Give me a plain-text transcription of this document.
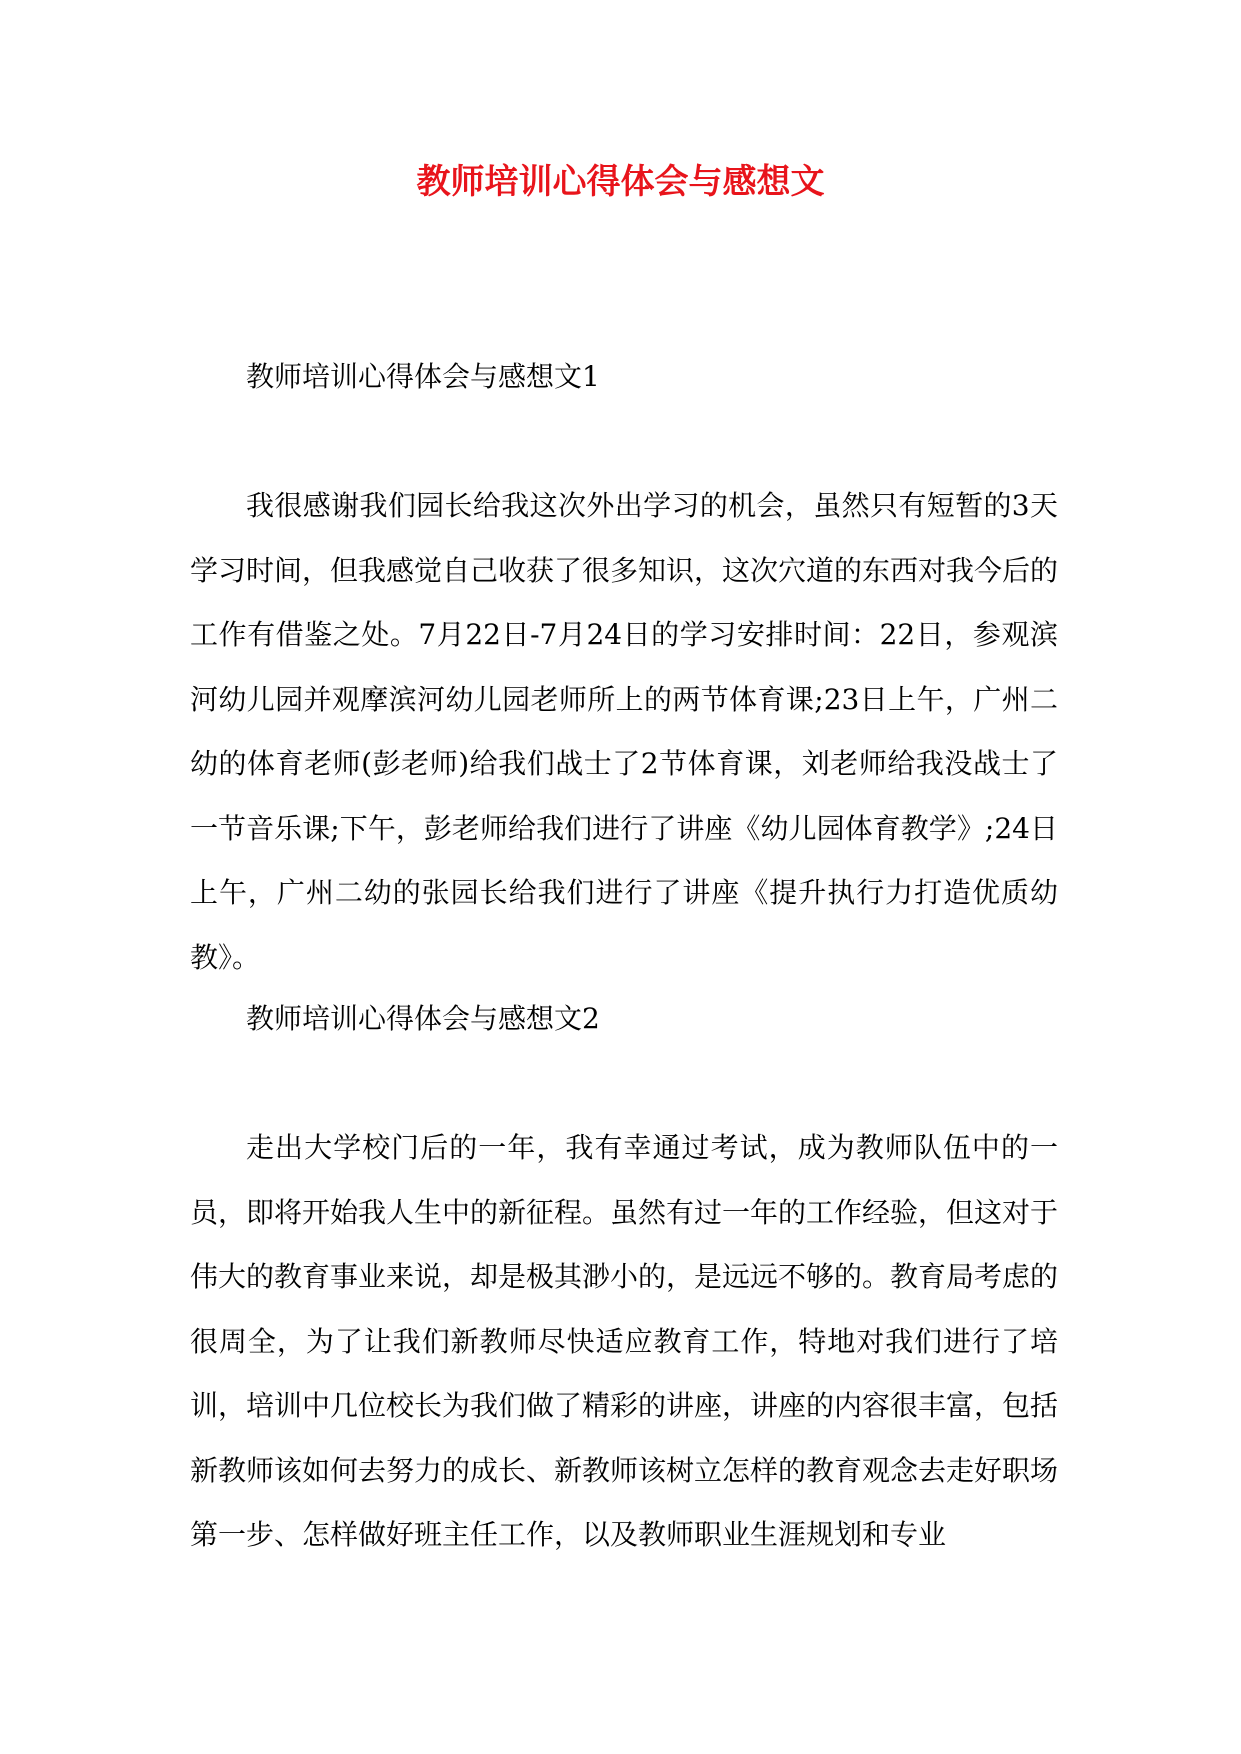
教师培训心得体会与感想文
教师培训心得体会与感想文1

我很感谢我们园长给我这次外出学习的机会，虽然只有短暂的3天学习时间，但我感觉自己收获了很多知识，这次穴道的东西对我今后的工作有借鉴之处。7月22日-7月24日的学习安排时间：22日，参观滨河幼儿园并观摩滨河幼儿园老师所上的两节体育课;23日上午，广州二幼的体育老师(彭老师)给我们战士了2节体育课，刘老师给我没战士了一节音乐课;下午，彭老师给我们进行了讲座《幼儿园体育教学》;24日上午，广州二幼的张园长给我们进行了讲座《提升执行力打造优质幼教》。

教师培训心得体会与感想文2

走出大学校门后的一年，我有幸通过考试，成为教师队伍中的一员，即将开始我人生中的新征程。虽然有过一年的工作经验，但这对于伟大的教育事业来说，却是极其渺小的，是远远不够的。教育局考虑的很周全，为了让我们新教师尽快适应教育工作，特地对我们进行了培训，培训中几位校长为我们做了精彩的讲座，讲座的内容很丰富，包括新教师该如何去努力的成长、新教师该树立怎样的教育观念去走好职场第一步、怎样做好班主任工作，以及教师职业生涯规划和专业
